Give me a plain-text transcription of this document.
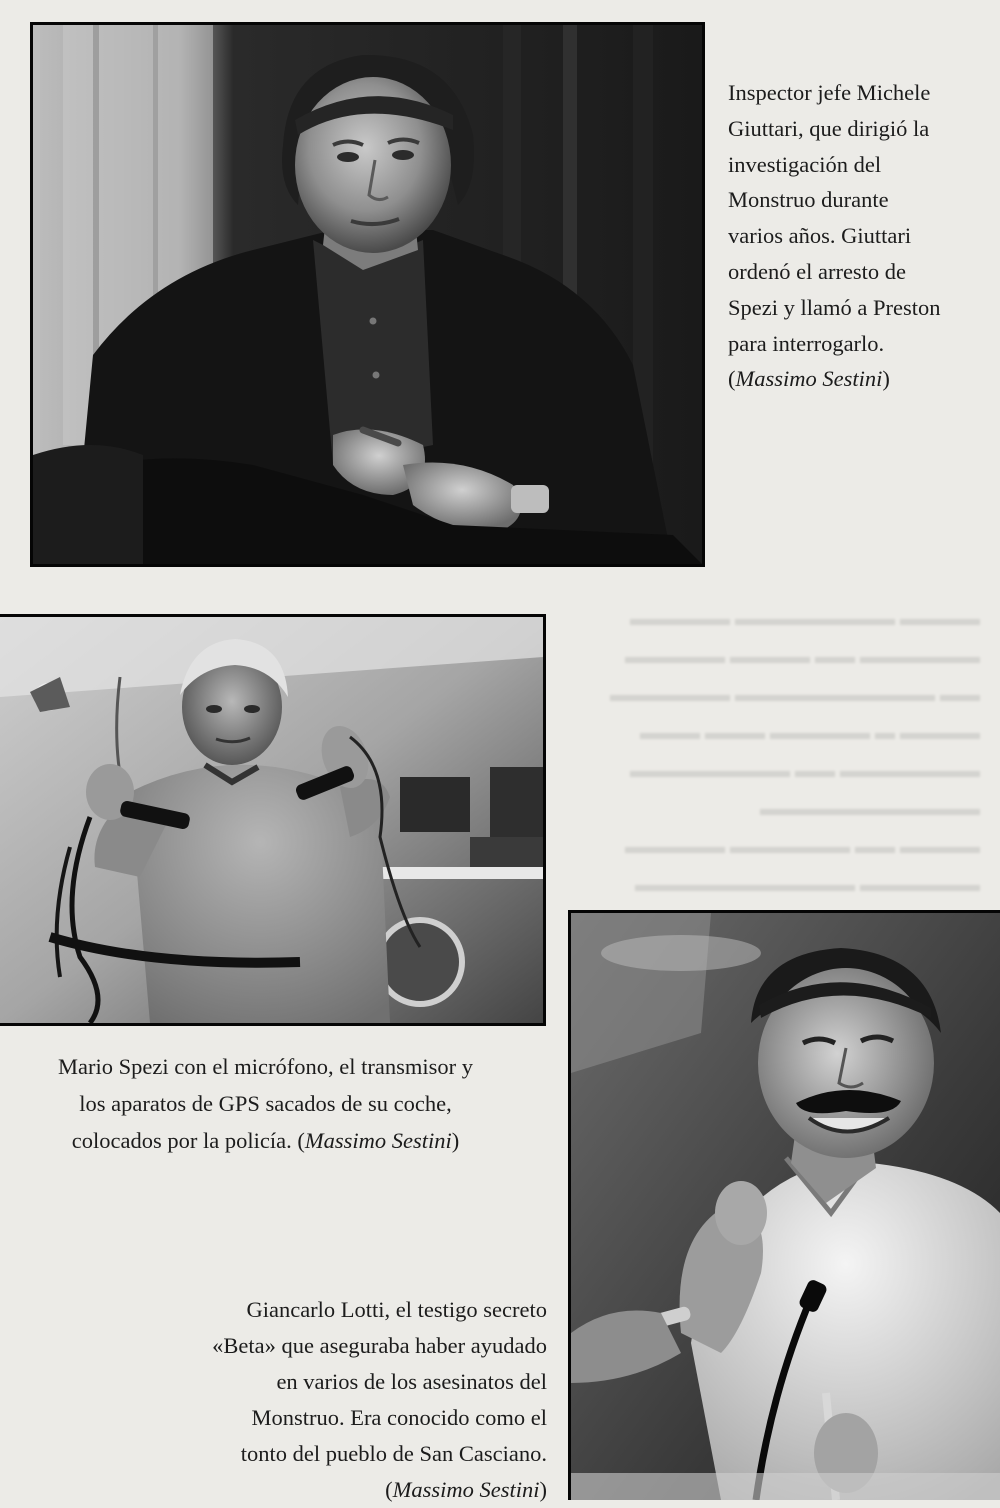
▬▬▬▬ ▬▬▬▬▬▬▬▬ ▬▬▬▬▬
▬▬▬▬▬▬ ▬▬ ▬▬▬▬ ▬▬▬▬▬
▬▬ ▬▬▬▬▬▬▬▬▬▬ ▬▬▬▬▬▬
▬▬▬▬ ▬ ▬▬▬▬▬ ▬▬▬ ▬▬▬
▬▬▬▬▬▬▬ ▬▬ ▬▬▬▬▬▬▬▬
▬▬▬▬▬▬▬▬▬▬▬
▬▬▬▬ ▬▬ ▬▬▬▬▬▬ ▬▬▬▬▬
▬▬▬▬▬▬ ▬▬▬▬▬▬▬▬▬▬▬
Inspector jefe Michele
Giuttari, que dirigió la
investigación del
Monstruo durante
varios años. Giuttari
ordenó el arresto de
Spezi y llamó a Preston
para interrogarlo.
(Massimo Sestini)
Mario Spezi con el micrófono, el transmisor y
los aparatos de GPS sacados de su coche,
colocados por la policía. (Massimo Sestini)
Giancarlo Lotti, el testigo secreto
«Beta» que aseguraba haber ayudado
en varios de los asesinatos del
Monstruo. Era conocido como el
tonto del pueblo de San Casciano.
(Massimo Sestini)
